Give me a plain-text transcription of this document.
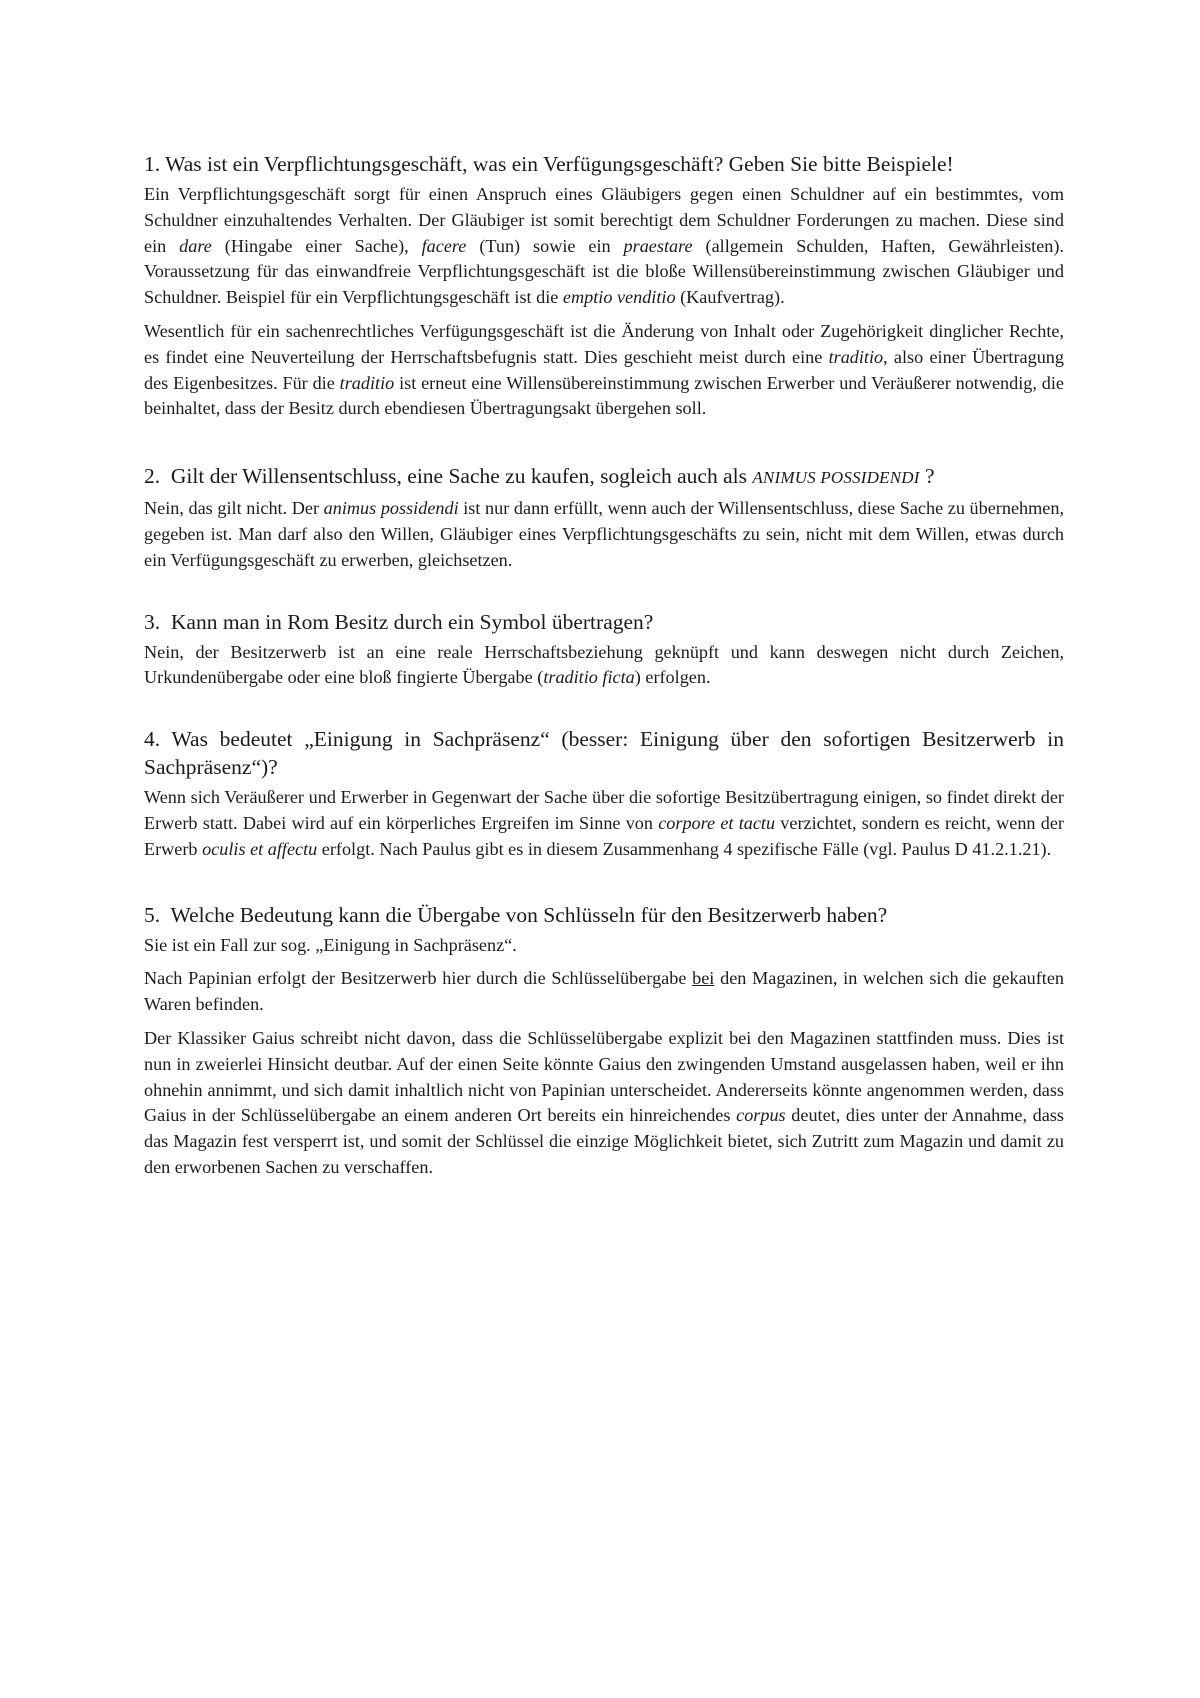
1. Was ist ein Verpflichtungsgeschäft, was ein Verfügungsgeschäft? Geben Sie bitte Beispiele!

Ein Verpflichtungsgeschäft sorgt für einen Anspruch eines Gläubigers gegen einen Schuldner auf ein bestimmtes, vom Schuldner einzuhaltendes Verhalten. Der Gläubiger ist somit berechtigt dem Schuldner Forderungen zu machen. Diese sind ein dare (Hingabe einer Sache), facere (Tun) sowie ein praestare (allgemein Schulden, Haften, Gewährleisten). Voraussetzung für das einwandfreie Verpflichtungsgeschäft ist die bloße Willensübereinstimmung zwischen Gläubiger und Schuldner. Beispiel für ein Verpflichtungsgeschäft ist die emptio venditio (Kaufvertrag).

Wesentlich für ein sachenrechtliches Verfügungsgeschäft ist die Änderung von Inhalt oder Zugehörigkeit dinglicher Rechte, es findet eine Neuverteilung der Herrschaftsbefugnis statt. Dies geschieht meist durch eine traditio, also einer Übertragung des Eigenbesitzes. Für die traditio ist erneut eine Willensübereinstimmung zwischen Erwerber und Veräußerer notwendig, die beinhaltet, dass der Besitz durch ebendiesen Übertragungsakt übergehen soll.

2. Gilt der Willensentschluss, eine Sache zu kaufen, sogleich auch als ANIMUS POSSIDENDI ?

Nein, das gilt nicht. Der animus possidendi ist nur dann erfüllt, wenn auch der Willensentschluss, diese Sache zu übernehmen, gegeben ist. Man darf also den Willen, Gläubiger eines Verpflichtungsgeschäfts zu sein, nicht mit dem Willen, etwas durch ein Verfügungsgeschäft zu erwerben, gleichsetzen.

3. Kann man in Rom Besitz durch ein Symbol übertragen?

Nein, der Besitzerwerb ist an eine reale Herrschaftsbeziehung geknüpft und kann deswegen nicht durch Zeichen, Urkundenübergabe oder eine bloß fingierte Übergabe (traditio ficta) erfolgen.

4. Was bedeutet „Einigung in Sachpräsenz“ (besser: Einigung über den sofortigen Besitzerwerb in Sachpräsenz“)?

Wenn sich Veräußerer und Erwerber in Gegenwart der Sache über die sofortige Besitzübertragung einigen, so findet direkt der Erwerb statt. Dabei wird auf ein körperliches Ergreifen im Sinne von corpore et tactu verzichtet, sondern es reicht, wenn der Erwerb oculis et affectu erfolgt. Nach Paulus gibt es in diesem Zusammenhang 4 spezifische Fälle (vgl. Paulus D 41.2.1.21).

5. Welche Bedeutung kann die Übergabe von Schlüsseln für den Besitzerwerb haben?

Sie ist ein Fall zur sog. „Einigung in Sachpräsenz“.

Nach Papinian erfolgt der Besitzerwerb hier durch die Schlüsselübergabe bei den Magazinen, in welchen sich die gekauften Waren befinden.

Der Klassiker Gaius schreibt nicht davon, dass die Schlüsselübergabe explizit bei den Magazinen stattfinden muss. Dies ist nun in zweierlei Hinsicht deutbar. Auf der einen Seite könnte Gaius den zwingenden Umstand ausgelassen haben, weil er ihn ohnehin annimmt, und sich damit inhaltlich nicht von Papinian unterscheidet. Andererseits könnte angenommen werden, dass Gaius in der Schlüsselübergabe an einem anderen Ort bereits ein hinreichendes corpus deutet, dies unter der Annahme, dass das Magazin fest versperrt ist, und somit der Schlüssel die einzige Möglichkeit bietet, sich Zutritt zum Magazin und damit zu den erworbenen Sachen zu verschaffen.
